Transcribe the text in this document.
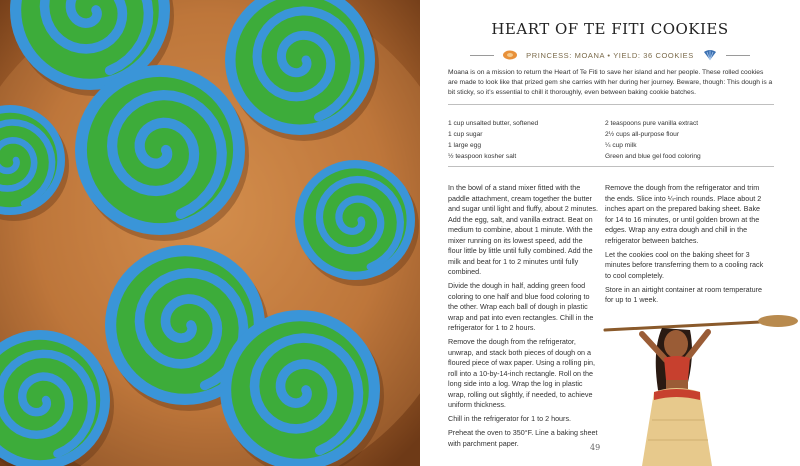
HEART OF TE FITI COOKIES
PRINCESS: MOANA • YIELD: 36 COOKIES
Moana is on a mission to return the Heart of Te Fiti to save her island and her people. These rolled cookies are made to look like that prized gem she carries with her during her journey. Beware, though: This dough is a bit sticky, so it’s essential to chill it thoroughly, even between baking cookie batches.
1 cup unsalted butter, softened
1 cup sugar
1 large egg
½ teaspoon kosher salt
2 teaspoons pure vanilla extract
2½ cups all-purpose flour
¼ cup milk
Green and blue gel food coloring

In the bowl of a stand mixer fitted with the paddle attachment, cream together the butter and sugar until light and fluffy, about 2 minutes. Add the egg, salt, and vanilla extract. Beat on medium to combine, about 1 minute. With the mixer running on its lowest speed, add the flour little by little until fully combined. Add the milk and beat for 1 to 2 minutes until fully combined.

Divide the dough in half, adding green food coloring to one half and blue food coloring to the other. Wrap each ball of dough in plastic wrap and pat into even rectangles. Chill in the refrigerator for 1 to 2 hours.

Remove the dough from the refrigerator, unwrap, and stack both pieces of dough on a floured piece of wax paper. Using a rolling pin, roll into a 10-by-14-inch rectangle. Roll on the long side into a log. Wrap the log in plastic wrap, rolling out slightly, if needed, to achieve uniform thickness.

Chill in the refrigerator for 1 to 2 hours.

Preheat the oven to 350°F. Line a baking sheet with parchment paper.

Remove the dough from the refrigerator and trim the ends. Slice into ¼-inch rounds. Place about 2 inches apart on the prepared baking sheet. Bake for 14 to 16 minutes, or until golden brown at the edges. Wrap any extra dough and chill in the refrigerator between batches.

Let the cookies cool on the baking sheet for 3 minutes before transferring them to a cooling rack to cool completely.

Store in an airtight container at room temperature for up to 1 week.

49
